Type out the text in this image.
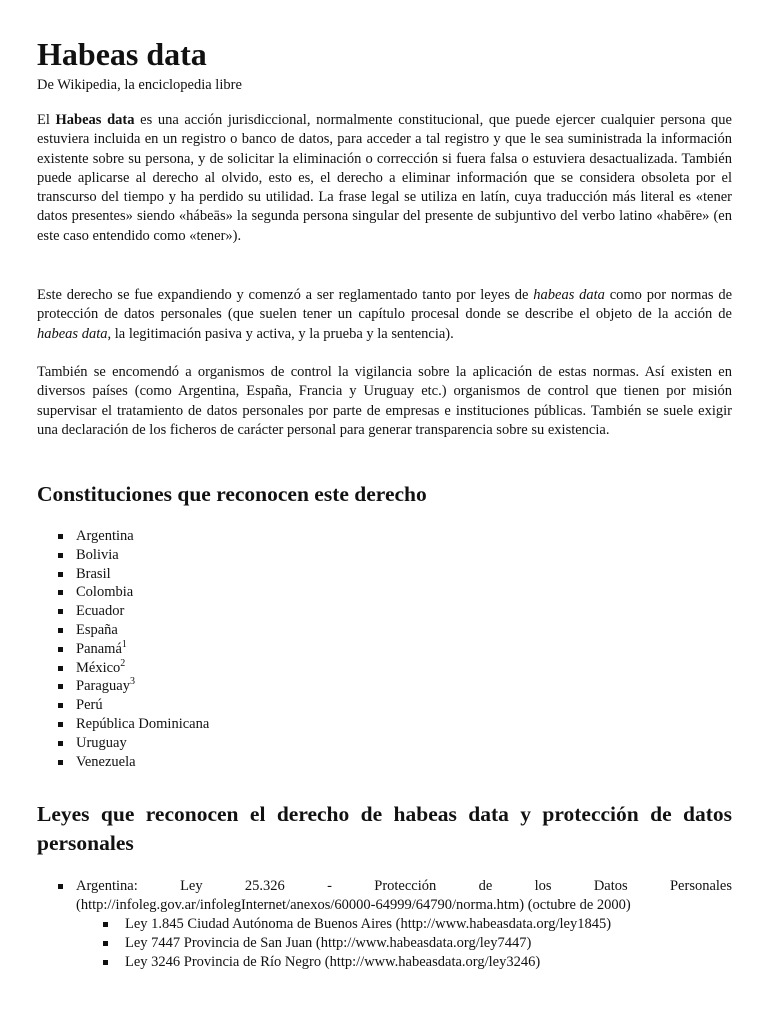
Habeas data
De Wikipedia, la enciclopedia libre

El Habeas data es una acción jurisdiccional, normalmente constitucional, que puede ejercer cualquier persona que estuviera incluida en un registro o banco de datos, para acceder a tal registro y que le sea suministrada la información existente sobre su persona, y de solicitar la eliminación o corrección si fuera falsa o estuviera desactualizada. También puede aplicarse al derecho al olvido, esto es, el derecho a eliminar información que se considera obsoleta por el transcurso del tiempo y ha perdido su utilidad. La frase legal se utiliza en latín, cuya traducción más literal es «tener datos presentes» siendo «hábeās» la segunda persona singular del presente de subjuntivo del verbo latino «habēre» (en este caso entendido como «tener»).

Este derecho se fue expandiendo y comenzó a ser reglamentado tanto por leyes de habeas data como por normas de protección de datos personales (que suelen tener un capítulo procesal donde se describe el objeto de la acción de habeas data, la legitimación pasiva y activa, y la prueba y la sentencia).

También se encomendó a organismos de control la vigilancia sobre la aplicación de estas normas. Así existen en diversos países (como Argentina, España, Francia y Uruguay etc.) organismos de control que tienen por misión supervisar el tratamiento de datos personales por parte de empresas e instituciones públicas. También se suele exigir una declaración de los ficheros de carácter personal para generar transparencia sobre su existencia.

Constituciones que reconocen este derecho
Argentina
Bolivia
Brasil
Colombia
Ecuador
España
Panamá$^1$
México$^2$
Paraguay$^3$
Perú
República Dominicana
Uruguay
Venezuela
Leyes que reconocen el derecho de habeas data y protección de datos personales
Argentina:	Ley	25.326	-	Protección	de	los	Datos	Personales
(http://infoleg.gov.ar/infolegInternet/anexos/60000-64999/64790/norma.htm) (octubre de 2000)
Ley 1.845 Ciudad Autónoma de Buenos Aires (http://www.habeasdata.org/ley1845)
Ley 7447 Provincia de San Juan (http://www.habeasdata.org/ley7447)
Ley 3246 Provincia de Río Negro (http://www.habeasdata.org/ley3246)
